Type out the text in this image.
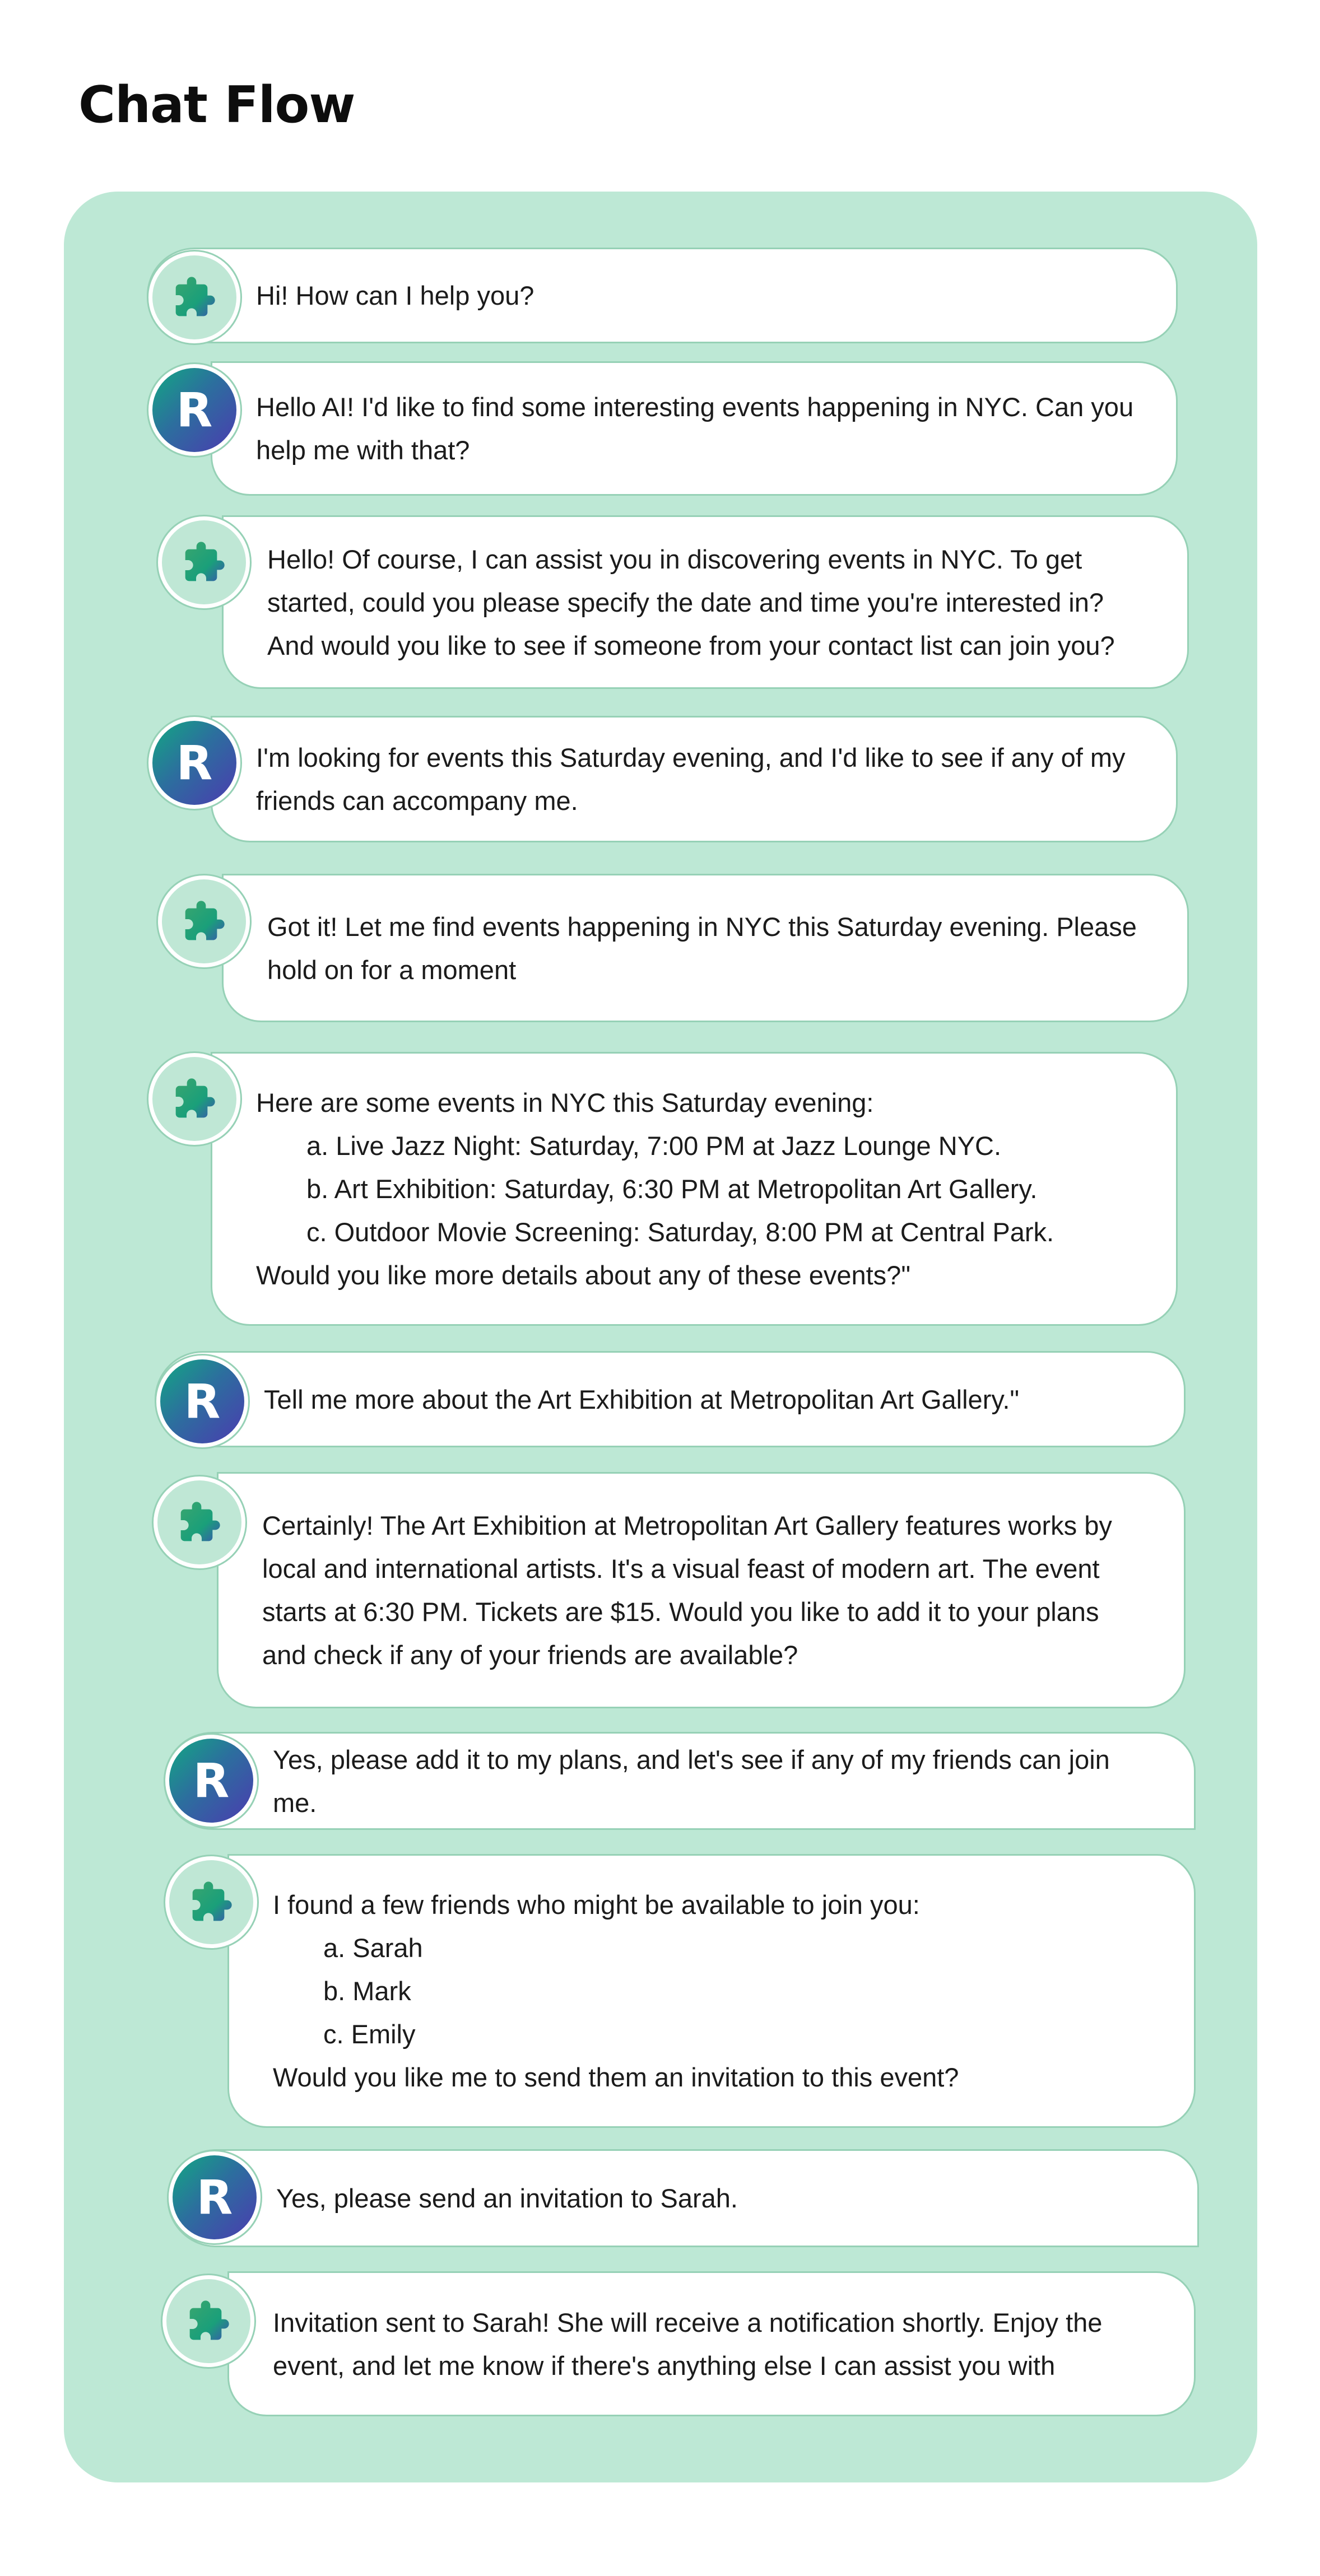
Chat Flow
Hi! How can I help you?
Hello AI! I'd like to find some interesting events happening in NYC. Can you
help me with that?
R
Hello! Of course, I can assist you in discovering events in NYC. To get
started, could you please specify the date and time you're interested in?
And would you like to see if someone from your contact list can join you?
I'm looking for events this Saturday evening, and I'd like to see if any of my
friends can accompany me.
R
Got it! Let me find events happening in NYC this Saturday evening. Please
hold on for a moment
Here are some events in NYC this Saturday evening:
a. Live Jazz Night: Saturday, 7:00 PM at Jazz Lounge NYC.
b. Art Exhibition: Saturday, 6:30 PM at Metropolitan Art Gallery.
c. Outdoor Movie Screening: Saturday, 8:00 PM at Central Park.
Would you like more details about any of these events?"
Tell me more about the Art Exhibition at Metropolitan Art Gallery."
R
Certainly! The Art Exhibition at Metropolitan Art Gallery features works by
local and international artists. It's a visual feast of modern art. The event
starts at 6:30 PM. Tickets are $15. Would you like to add it to your plans
and check if any of your friends are available?
Yes, please add it to my plans, and let's see if any of my friends can join me.
R
I found a few friends who might be available to join you:
a. Sarah
b. Mark
c. Emily
Would you like me to send them an invitation to this event?
Yes, please send an invitation to Sarah.
R
Invitation sent to Sarah! She will receive a notification shortly. Enjoy the
event, and let me know if there's anything else I can assist you with
